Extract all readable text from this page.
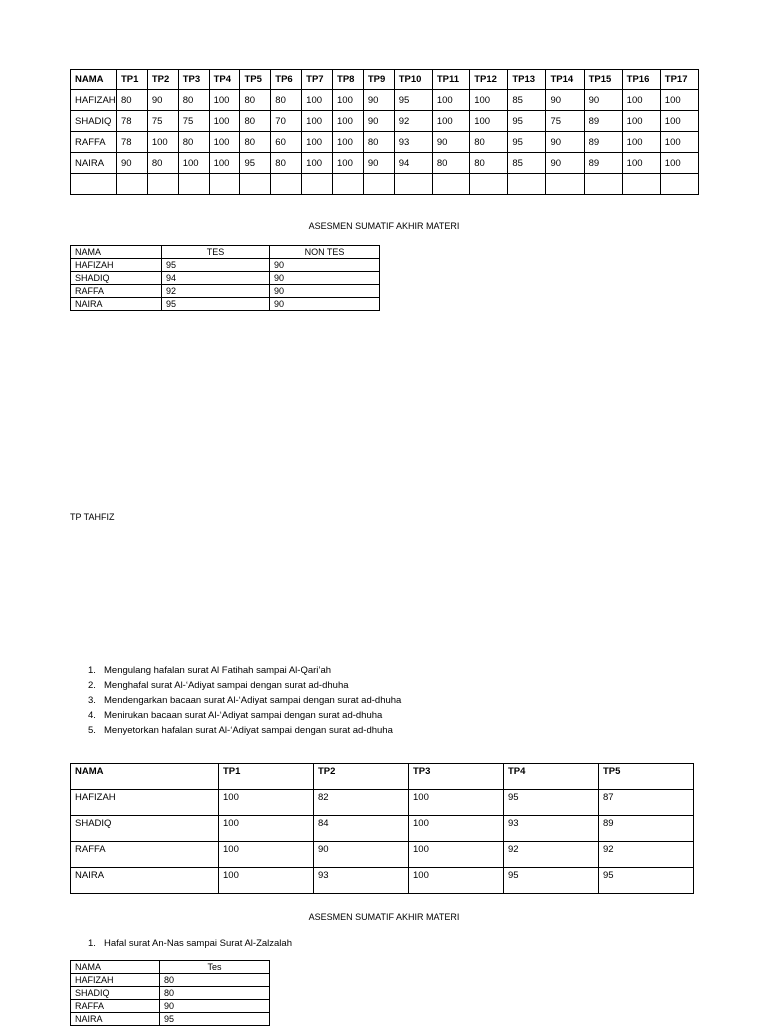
NAMA	TP1	TP2	TP3	TP4	TP5	TP6	TP7	TP8	TP9	TP10	TP11	TP12	TP13	TP14	TP15	TP16	TP17
HAFIZAH	80	90	80	100	80	80	100	100	90	95	100	100	85	90	90	100	100
SHADIQ	78	75	75	100	80	70	100	100	90	92	100	100	95	75	89	100	100
RAFFA	78	100	80	100	80	60	100	100	80	93	90	80	95	90	89	100	100
NAIRA	90	80	100	100	95	80	100	100	90	94	80	80	85	90	89	100	100

ASESMEN SUMATIF AKHIR MATERI
NAMA	TES	NON TES
HAFIZAH	95	90
SHADIQ	94	90
RAFFA	92	90
NAIRA	95	90
TP TAHFIZ
1. Mengulang hafalan surat Al Fatihah sampai Al-Qari’ah
2. Menghafal surat Al-‘Adiyat sampai dengan surat ad-dhuha
3. Mendengarkan bacaan surat Al-‘Adiyat sampai dengan surat ad-dhuha
4. Menirukan bacaan surat Al-‘Adiyat sampai dengan surat ad-dhuha
5. Menyetorkan hafalan surat Al-‘Adiyat sampai dengan surat ad-dhuha
NAMA	TP1	TP2	TP3	TP4	TP5
HAFIZAH	100	82	100	95	87
SHADIQ	100	84	100	93	89
RAFFA	100	90	100	92	92
NAIRA	100	93	100	95	95
ASESMEN SUMATIF AKHIR MATERI
1. Hafal surat An-Nas sampai Surat Al-Zalzalah
NAMA	Tes
HAFIZAH	80
SHADIQ	80
RAFFA	90
NAIRA	95
